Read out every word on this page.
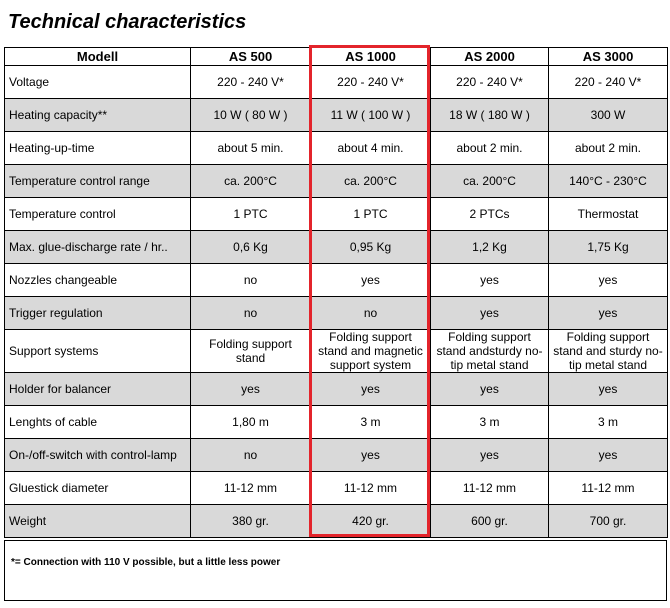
Technical characteristics
Modell	AS 500	AS 1000	AS 2000	AS 3000
Voltage	220 - 240 V*	220 - 240 V*	220 - 240 V*	220 - 240 V*
Heating capacity**	10 W ( 80 W )	11 W ( 100 W )	18 W ( 180 W )	300 W
Heating-up-time	about 5 min.	about 4 min.	about 2 min.	about 2 min.
Temperature control range	ca. 200°C	ca. 200°C	ca. 200°C	140°C - 230°C
Temperature control	1 PTC	1 PTC	2 PTCs	Thermostat
Max. glue-discharge rate / hr..	0,6 Kg	0,95 Kg	1,2 Kg	1,75 Kg
Nozzles changeable	no	yes	yes	yes
Trigger regulation	no	no	yes	yes
Support systems	Folding support stand	Folding support stand and magnetic support system	Folding support stand andsturdy no-tip metal stand	Folding support stand and sturdy no-tip metal stand
Holder for balancer	yes	yes	yes	yes
Lenghts of cable	1,80 m	3 m	3 m	3 m
On-/off-switch with control-lamp	no	yes	yes	yes
Gluestick diameter	11-12 mm	11-12 mm	11-12 mm	11-12 mm
Weight	380 gr.	420 gr.	600 gr.	700 gr.
*= Connection with 110 V possible, but a little less power
